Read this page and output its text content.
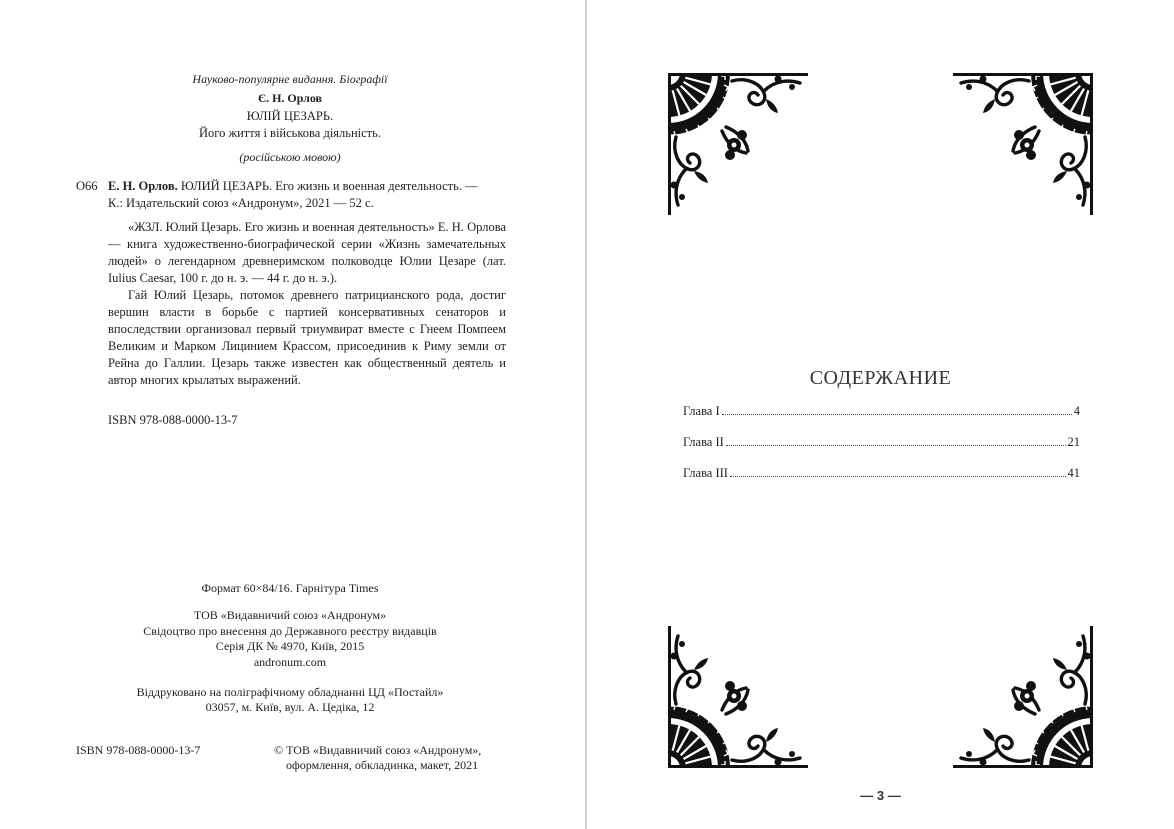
Науково-популярне видання. Біографії
Є. Н. Орлов
ЮЛІЙ ЦЕЗАРЬ.
Його життя і військова діяльність.
(російською мовою)
О66 Е. Н. Орлов. ЮЛИЙ ЦЕЗАРЬ. Его жизнь и военная деятельность. —
К.: Издательский союз «Андронум», 2021 — 52 с.

«ЖЗЛ. Юлий Цезарь. Его жизнь и военная деятельность» Е. Н. Орлова — книга художественно-биографической серии «Жизнь замечательных людей» о легендарном древнеримском полководце Юлии Цезаре (лат. Iulius Caesar, 100 г. до н. э. — 44 г. до н. э.).

Гай Юлий Цезарь, потомок древнего патрицианского рода, достиг вершин власти в борьбе с партией консервативных сенаторов и впоследствии организовал первый триумвират вместе с Гнеем Помпеем Великим и Марком Лицинием Крассом, присоединив к Риму земли от Рейна до Галлии. Цезарь также известен как общественный деятель и автор многих крылатых выражений.

ISBN 978-088-0000-13-7
Формат 60×84/16. Гарнітура Times
ТОВ «Видавничий союз «Андронум»
Свідоцтво про внесення до Державного реєстру видавців
Серія ДК № 4970, Київ, 2015
andronum.com
Віддруковано на поліграфічному обладнанні ЦД «Постайл»
03057, м. Київ, вул. А. Цедіка, 12
ISBN 978-088-0000-13-7	© ТОВ «Видавничий союз «Андронум»,
оформлення, обкладинка, макет, 2021
СОДЕРЖАНИЕ
Глава I	4
Глава II	21
Глава III	41
— 3 —
